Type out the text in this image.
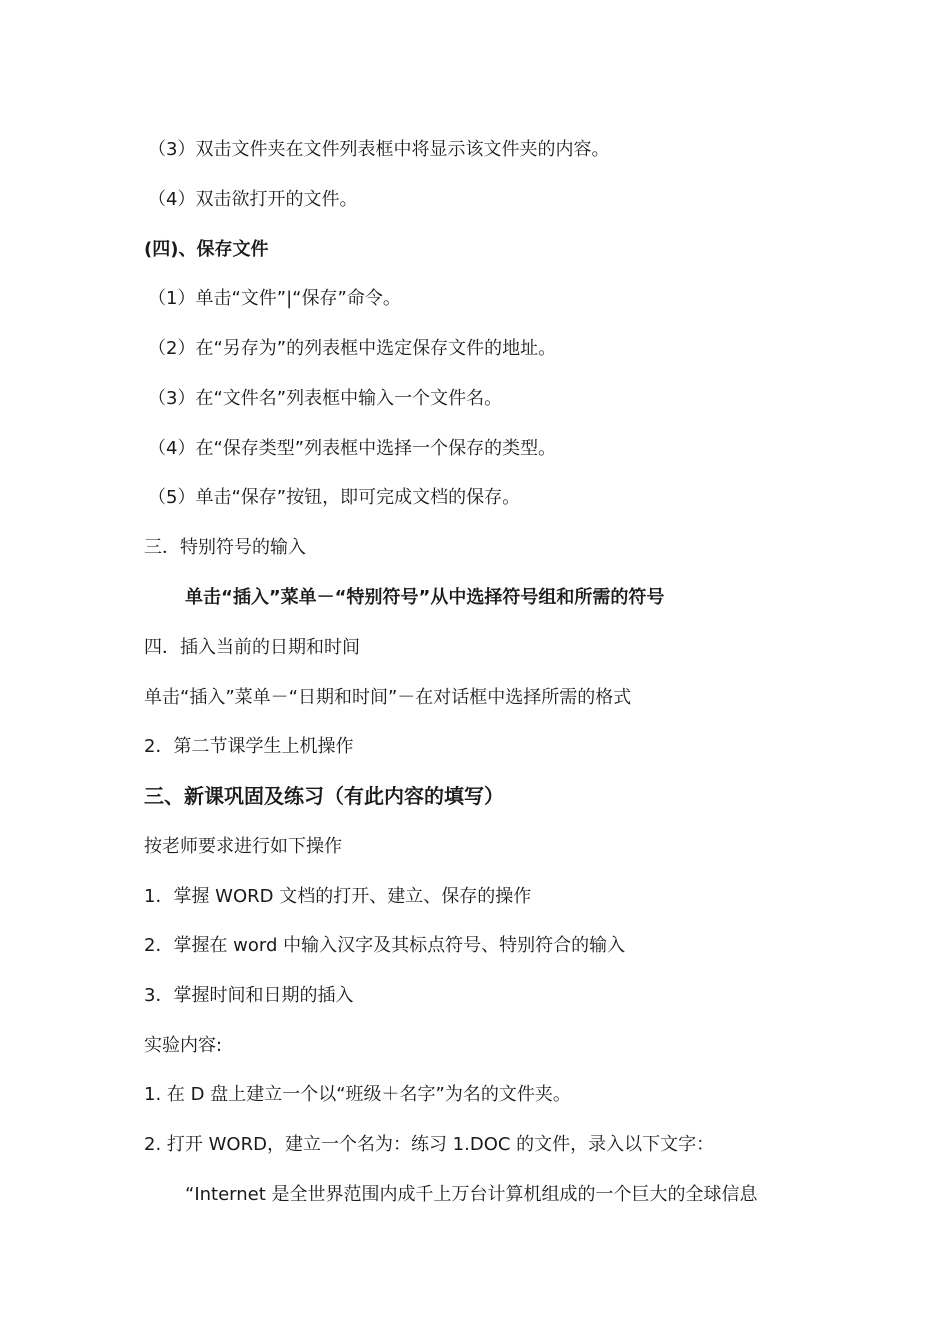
（3）双击文件夹在文件列表框中将显示该文件夹的内容。
（4）双击欲打开的文件。
(四)、保存文件
（1）单击“文件”|“保存”命令。
（2）在“另存为”的列表框中选定保存文件的地址。
（3）在“文件名”列表框中输入一个文件名。
（4）在“保存类型”列表框中选择一个保存的类型。
（5）单击“保存”按钮，即可完成文档的保存。
三．特别符号的输入
单击“插入”菜单－“特别符号”从中选择符号组和所需的符号
四．插入当前的日期和时间
单击“插入”菜单－“日期和时间”－在对话框中选择所需的格式
2．第二节课学生上机操作
三、新课巩固及练习（有此内容的填写）
按老师要求进行如下操作
1．掌握 WORD 文档的打开、建立、保存的操作
2．掌握在 word 中输入汉字及其标点符号、特别符合的输入
3．掌握时间和日期的插入
实验内容:
1. 在 D 盘上建立一个以“班级＋名字”为名的文件夹。
2. 打开 WORD，建立一个名为：练习 1.DOC 的文件，录入以下文字：
“Internet 是全世界范围内成千上万台计算机组成的一个巨大的全球信息
